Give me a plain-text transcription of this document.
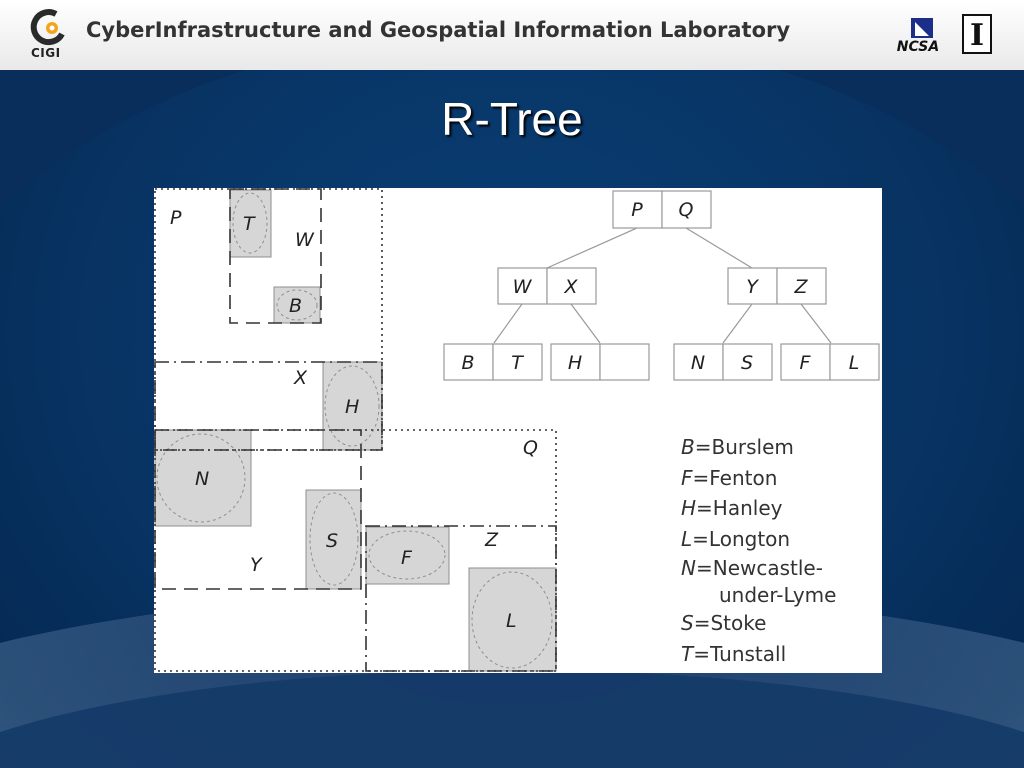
CIGI
CyberInfrastructure and Geospatial Information Laboratory
NCSA I
R-Tree
P	T
W
B
X
H
Q
N
S
Y	F
Z
L
P Q
W X	Y Z
B T H	N S F L
B=Burslem
F=Fenton
H=Hanley
L=Longton
N=Newcastle-
under-Lyme
S=Stoke
T=Tunstall
